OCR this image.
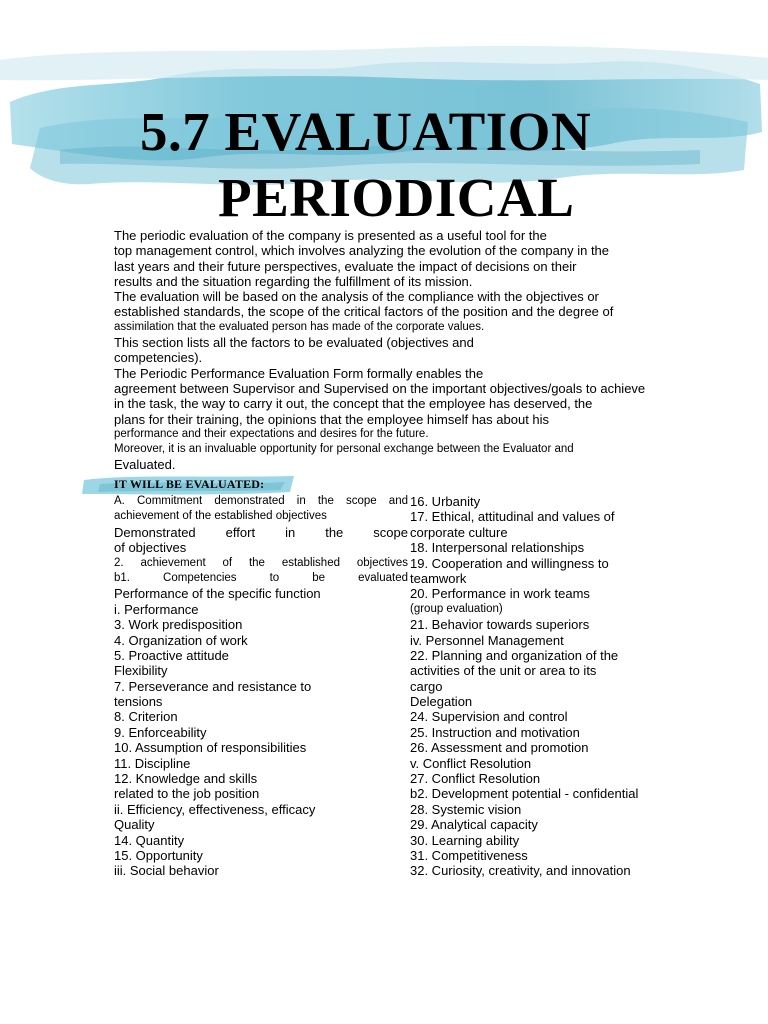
5.7 EVALUATION
PERIODICAL
The periodic evaluation of the company is presented as a useful tool for the
top management control, which involves analyzing the evolution of the company in the
last years and their future perspectives, evaluate the impact of decisions on their
results and the situation regarding the fulfillment of its mission.
The evaluation will be based on the analysis of the compliance with the objectives or
established standards, the scope of the critical factors of the position and the degree of
assimilation that the evaluated person has made of the corporate values.
This section lists all the factors to be evaluated (objectives and
competencies).
The Periodic Performance Evaluation Form formally enables the
agreement between Supervisor and Supervised on the important objectives/goals to achieve
in the task, the way to carry it out, the concept that the employee has deserved, the
plans for their training, the opinions that the employee himself has about his
performance and their expectations and desires for the future.
Moreover, it is an invaluable opportunity for personal exchange between the Evaluator and
Evaluated.
IT WILL BE EVALUATED:
A. Commitment demonstrated in the scope and
achievement of the established objectives
Demonstrated effort in the scope
of objectives
2. achievement of the established objectives
b1. Competencies to be evaluated
Performance of the specific function
i. Performance
3. Work predisposition
4. Organization of work
5. Proactive attitude
Flexibility
7. Perseverance and resistance to
tensions
8. Criterion
9. Enforceability
10. Assumption of responsibilities
11. Discipline
12. Knowledge and skills
related to the job position
ii. Efficiency, effectiveness, efficacy
Quality
14. Quantity
15. Opportunity
iii. Social behavior
16. Urbanity
17. Ethical, attitudinal and values of
corporate culture
18. Interpersonal relationships
19. Cooperation and willingness to
teamwork
20. Performance in work teams
(group evaluation)
21. Behavior towards superiors
iv. Personnel Management
22. Planning and organization of the
activities of the unit or area to its
cargo
Delegation
24. Supervision and control
25. Instruction and motivation
26. Assessment and promotion
v. Conflict Resolution
27. Conflict Resolution
b2. Development potential - confidential
28. Systemic vision
29. Analytical capacity
30. Learning ability
31. Competitiveness
32. Curiosity, creativity, and innovation
